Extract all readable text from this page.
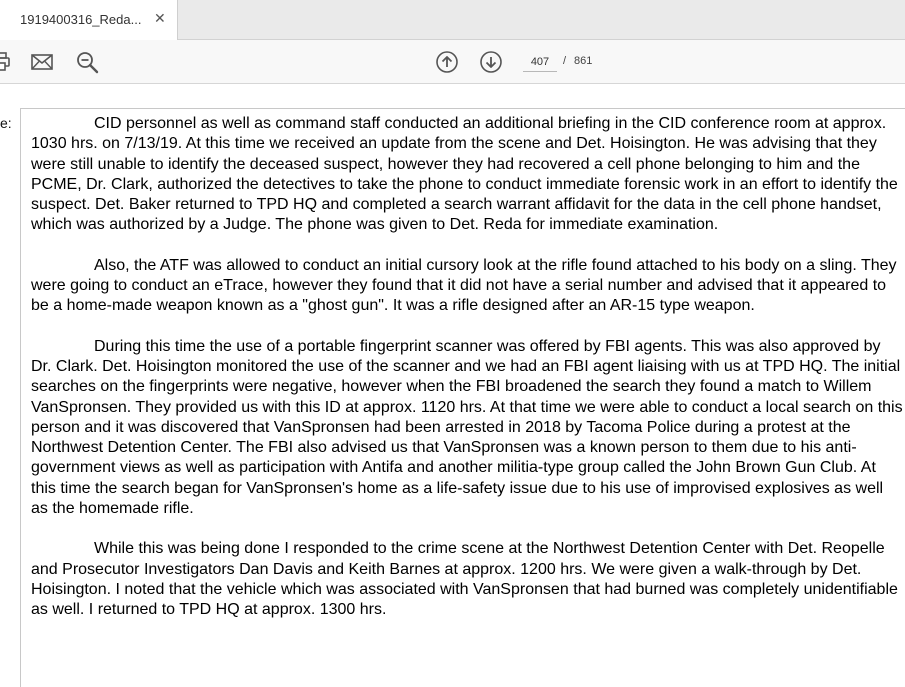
1919400316_Reda... ✕
407
/ 861
e:	CID personnel as well as command staff conducted an additional briefing in the CID conference room at approx. 1030 hrs. on 7/13/19. At this time we received an update from the scene and Det. Hoisington. He was advising that they were still unable to identify the deceased suspect, however they had recovered a cell phone belonging to him and the PCME, Dr. Clark, authorized the detectives to take the phone to conduct immediate forensic work in an effort to identify the suspect. Det. Baker returned to TPD HQ and completed a search warrant affidavit for the data in the cell phone handset, which was authorized by a Judge. The phone was given to Det. Reda for immediate examination.

Also, the ATF was allowed to conduct an initial cursory look at the rifle found attached to his body on a sling. They were going to conduct an eTrace, however they found that it did not have a serial number and advised that it appeared to be a home-made weapon known as a "ghost gun". It was a rifle designed after an AR-15 type weapon.

During this time the use of a portable fingerprint scanner was offered by FBI agents. This was also approved by Dr. Clark. Det. Hoisington monitored the use of the scanner and we had an FBI agent liaising with us at TPD HQ. The initial searches on the fingerprints were negative, however when the FBI broadened the search they found a match to Willem VanSpronsen. They provided us with this ID at approx. 1120 hrs. At that time we were able to conduct a local search on this person and it was discovered that VanSpronsen had been arrested in 2018 by Tacoma Police during a protest at the Northwest Detention Center. The FBI also advised us that VanSpronsen was a known person to them due to his anti-government views as well as participation with Antifa and another militia-type group called the John Brown Gun Club. At this time the search began for VanSpronsen's home as a life-safety issue due to his use of improvised explosives as well as the homemade rifle.

While this was being done I responded to the crime scene at the Northwest Detention Center with Det. Reopelle and Prosecutor Investigators Dan Davis and Keith Barnes at approx. 1200 hrs. We were given a walk-through by Det. Hoisington. I noted that the vehicle which was associated with VanSpronsen that had burned was completely unidentifiable as well. I returned to TPD HQ at approx. 1300 hrs.
